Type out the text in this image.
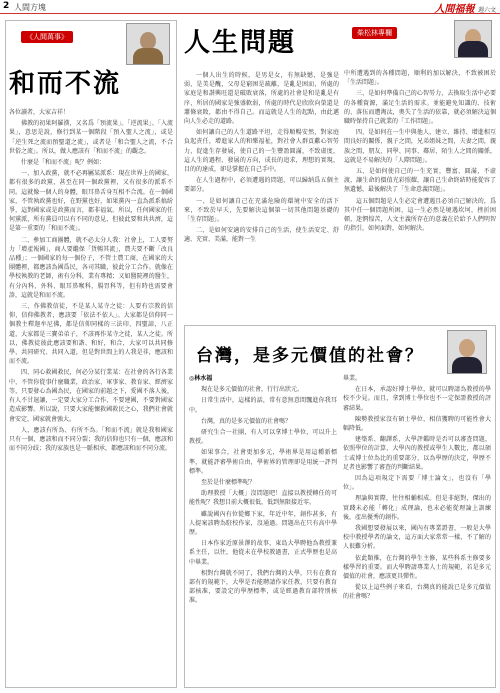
2 人間方塊	人間福報 週六文
《人間萬事》
和而不流

各位讀者，大家吉祥！

佛教的初果阿羅漢，又名爲「預流果」。「逆流果」、「入流果」，意思是說，修行到某一個階段「預入聖人之流」，或是「逆生死之流而預聖道之流」，或者是「和合聖人之流，不合世俗之流」。所以，做人應該有「和而不流」的觀念。

什麼是「和而不流」呢？例如：

一、加入政黨，就不必再屬某派系：現在世界上的國家，都有很多的政黨，甚至在同一個政黨裡，又有很多的派系不同。這就像一個人的身體，眼耳鼻舌身互相不合流。在一個國家，不管執政黨也好，在野黨也好，如果黨內一直為派系搞紛爭，這對國家或是政黨而言，都非福氣。所以，任何國家的任何黨派，所有黨員可以有不同的意見，但彼此要和共共濟，這是第一重要的「和而不流」。

二、參加工商團體，就不必太分人我：社會上，工人要努力「增產報國」，商人要繼保「貨暢其流」，農夫要不斷「改良品種」；一個國家的每一個份子，不管士農工商，在國家的大團體裡，都應該為國爲民，各司其職，彼此分工合作。就像在學校執教的老師，術有分科，業有專精；又如醫院裡的醫生，有分內科、外科、眼耳鼻喉科，腸胃科等，但有時也需要會診，這就是和而不流。

三、作佛教信徒，不是某人某寺之徒：人要有宗教的信仰，信仰佛教者，應該要「依法不依人」。大家都是信仰同一個教主釋迦牟尼佛，都是信仰同樣的三法印、四聖諦，八正道，大家都是三寶弟弟子，不該再作某寺之徒，某人之徒。所以，佛教徒彼此應該要和諧、和好，和合，大家可以共同修學、共同研究、共同入道，但是對世間上的人我是非，應該和而不流。

四、同心救國救民，何必分某行業某：在社會的各行各業中，不管你從事什麼職業，政治家、軍事家、教育家、經濟家等，只要發心為國為民，在國家的前題之下，愛國不落人後，有人不甘退讓，一定要大家分工合作，不要建國，不要對國家造成影響。所以說，只要大家能懷救國救民之心，我們社會就會安定，國家就會強大。

人，應該有所為、有所不為。「和而不流」就是我和國家只有一個，應該和而不同分裂；我的信仰也只有一個，應該和而不同分歧；我的家族也是一脈相承，都應該和而不同分流。

人生問題

一個人出生的時候，是男是女，有無缺憾，是強是弱，是美是醜，父母是窮困是疏離，是亂是困而，所處的家庭是和諧興旺還是破敗衰落，所處的社會是和是亂是有序，所居的國家是強盛軟弱，所處的時代是欣欣向榮還是蕭條衰敗，都由不得自己。而這就是人生的起點，由此邁向人生必走的道路。

如何讓自己的人生道路平坦，走得順暢安然，對家庭負起責任，增進家人的和樂福祉，對社會人群貢獻心智勞力，促進生存發展，使自己的一生豐盈圓滿，不致虛度，這人生的過程，發展的方向，成長的追求，理想的實現，目的的達成，卻是掌握在自己手中。

在人生過程中，必須遭遇的問題，可以歸納爲五個主要部分。

一、是如何讓自己在充滿危險的環境中安全的活下來，不致於早夭，先要解決這個第一切其他問題基礎的「生存問題」。

二、是如何安適的安排自己的生活，使生活安定、舒適、充實、美滿，能對一生

柴松林專欄

中所遭遇到的各種問題，順利的加以解決，不致被困於「生活問題」。

三、是如何準備自己的心智勞力，去換取生活中必要的各種資源，滿足生活的需求。並能避免知識的、技術的、落伍而遭淘汰，奧失了生活的依靠，就必須解決這個職時保持自己就業的「工作問題」。

四、是如何在一生中與他人，建立、維持、增進相互間良好的關係，親子之間，兄弟姐妹之間，夫妻之間，親族之間，朋友、同學、同事、鄰居、陌生人之間的關係，這就是不易解決的「人際問題」。

五、是如何使自己的一生充實，豐富、圓滿，不虛渡，讓生命的價值光彩照耀，讓自己生命終結時能從容了無遺憾，最後解決了「生命意義問題」。

這五個問題是人生必定會遭遇且必須自己解決的，爲其中任一個問題所困，這一生必然是境遇坎坷，挫折困頓，迷惘惶苦，人文主義所存在的意義在於給予人們明智的指引，如何面對，如何解決。

台灣，是多元價值的社會？

◎林水福

現在是多元價值的社會，行行出狀元。

日常生活中，這樣的話，常有意無意間飄進你我耳中。

台灣，真的是多元價值的社會嗎？

研究生合一社團，有人可以拿博士學位，可以升上教授。

如果事合，社會更加多元，學術界是用這種新標準，就能評審學術自由，學術界的管理卻是用統一評判標準。

至於是什麼標準呢？

助理教授「大概」沒問題吧！直接以教授轉任的可能性呢？我想目前大概很低，低到無限接近零。

雖說國內有位從鄉下家，年近中年，創作甚多，有人提案該聘為駐校作家，沒通過。問題出在只有高中學歷。

日本作家近原景澤的故事，東島大學聘他為教授兼系主任，以往，他從未在學校教過書，正式學歷也是高中畢業。

相對台灣就不同了，我們台灣的大學，只有在教育部有的規範下，大學是否能聘請作家任教，只要有教育部核准，要設定的學歷標準，或是經過教育部特別核准。

畢業。

在日本，承認好博士學位，就可以聘請為教授的學校不少見。而且，拿到博士學位也不一定保證教授的評審結果。

陳勢教授家沒有碩士學位，相信獲聘的可能性會大幅降低。

建築系、翻譯系，大學評鑑時是否可以審查問題，依照學位的計算，大學內的教授或學生人數比，都以碩士或博士位為比的重要部分，以為學歷的決定，學歷不足者也影響了審查的判斷結果。

因為這項規定下需要「博士論文」，也沒有「學位」。

理論與實際，往往相輔相成。但是非絕對，傑出的實踐未必能「轉化」成理論，也未必能從理論上訓練後，產出優秀的創作。

我國想要發展以來，國內有專業證書，一般是大學校中教授學者的論文，這方面大家常常一樣，不了解的人很難分析。

依此類推，在台灣的學生主修，某些科系主修要多樣學習的重要。而大學聘請專業人士的規範，若是多元價值的社會，應該更具彈性。

從以上這些例子來看，台灣真的能說已是多元價值的社會嗎？
